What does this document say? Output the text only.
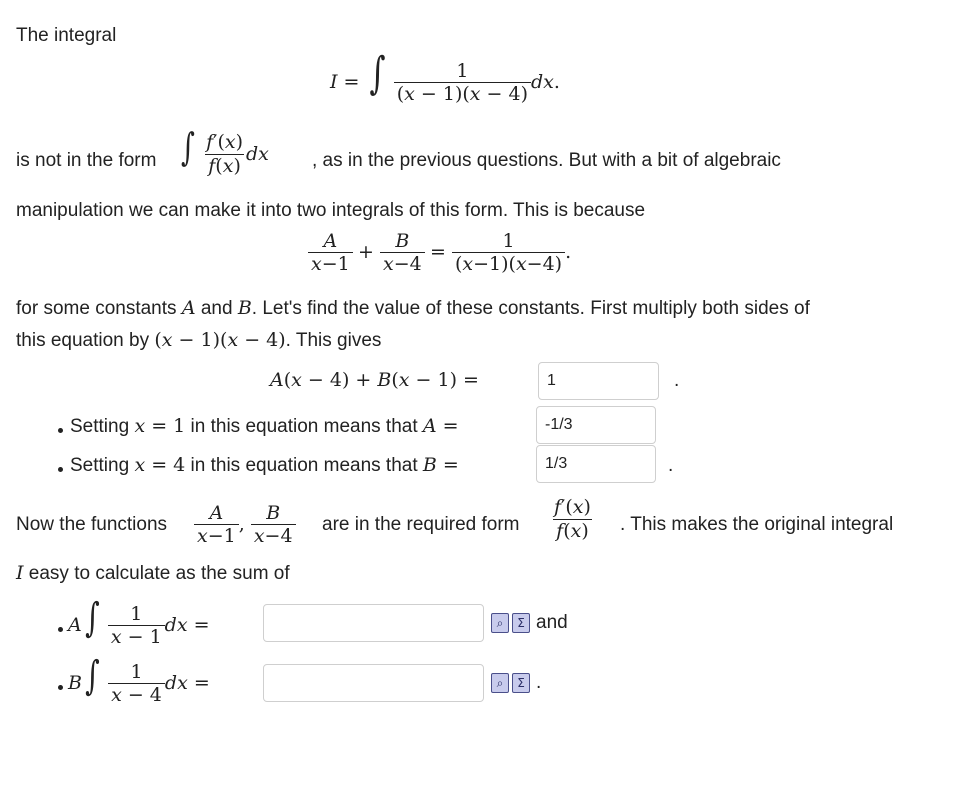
The integral
I = ∫ $\frac{1}{(x - 1)(x - 4)}$ dx.
is not in the form ∫ $\frac{f'(x)}{f(x)}$ dx , as in the previous questions. But with a bit of algebraic
manipulation we can make it into two integrals of this form. This is because
$\frac{A}{x-1} + \frac{B}{x-4} = \frac{1}{(x-1)(x-4)}$ .
for some constants A and B. Let's find the value of these constants. First multiply both sides of
this equation by (x − 1)(x − 4). This gives
A(x − 4) + B(x − 1) =	1	.
Setting x = 1 in this equation means that A =	-1/3
Setting x = 4 in this equation means that B =	1/3	.
Now the functions $\frac{A}{x-1}$ , $\frac{B}{x-4}$ are in the required form $\frac{f'(x)}{f(x)}$ . This makes the original integral
I easy to calculate as the sum of
$A\int \frac{1}{x - 1}$ dx =	⌕	Σ and
$B\int \frac{1}{x - 4}$ dx =	⌕	Σ .
